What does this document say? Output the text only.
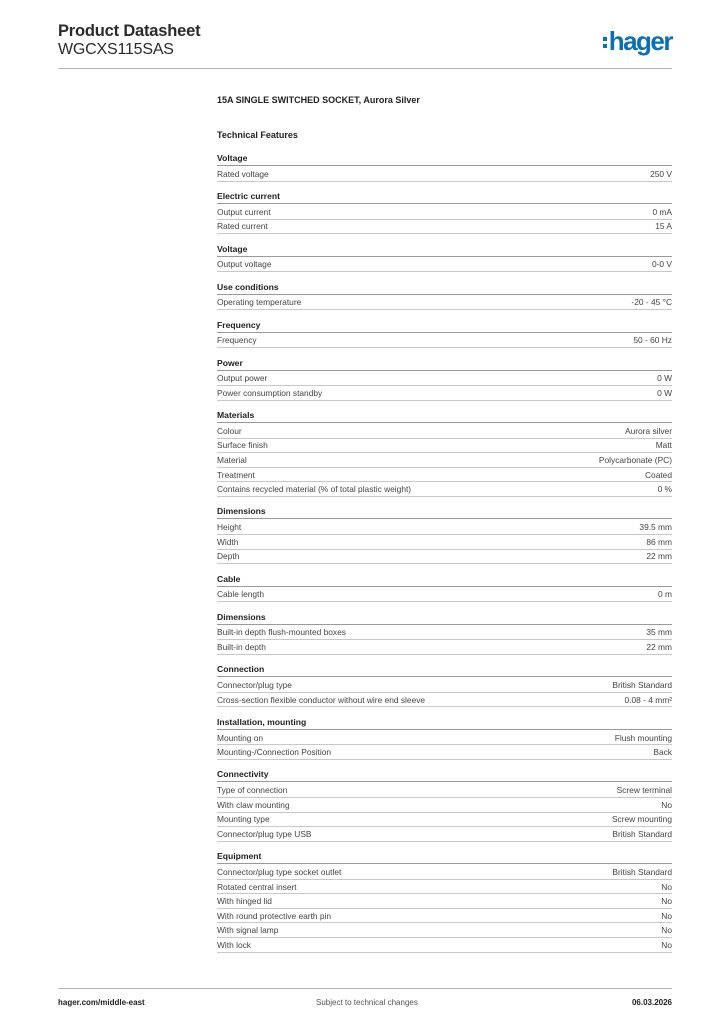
Product Datasheet
WGCXS115SAS	hager
15A SINGLE SWITCHED SOCKET, Aurora Silver
Technical Features
Voltage
Rated voltage	250 V
Electric current
Output current	0 mA
Rated current	15 A
Voltage
Output voltage	0-0 V
Use conditions
Operating temperature	-20 - 45 °C
Frequency
Frequency	50 - 60 Hz
Power
Output power	0 W
Power consumption standby	0 W
Materials
Colour	Aurora silver
Surface finish	Matt
Material	Polycarbonate (PC)
Treatment	Coated
Contains recycled material (% of total plastic weight)	0 %
Dimensions
Height	39.5 mm
Width	86 mm
Depth	22 mm
Cable
Cable length	0 m
Dimensions
Built-in depth flush-mounted boxes	35 mm
Built-in depth	22 mm
Connection
Connector/plug type	British Standard
Cross-section flexible conductor without wire end sleeve	0.08 - 4 mm²
Installation, mounting
Mounting on	Flush mounting
Mounting-/Connection Position	Back
Connectivity
Type of connection	Screw terminal
With claw mounting	No
Mounting type	Screw mounting
Connector/plug type USB	British Standard
Equipment
Connector/plug type socket outlet	British Standard
Rotated central insert	No
With hinged lid	No
With round protective earth pin	No
With signal lamp	No
With lock	No
hager.com/middle-east	Subject to technical changes	06.03.2026
